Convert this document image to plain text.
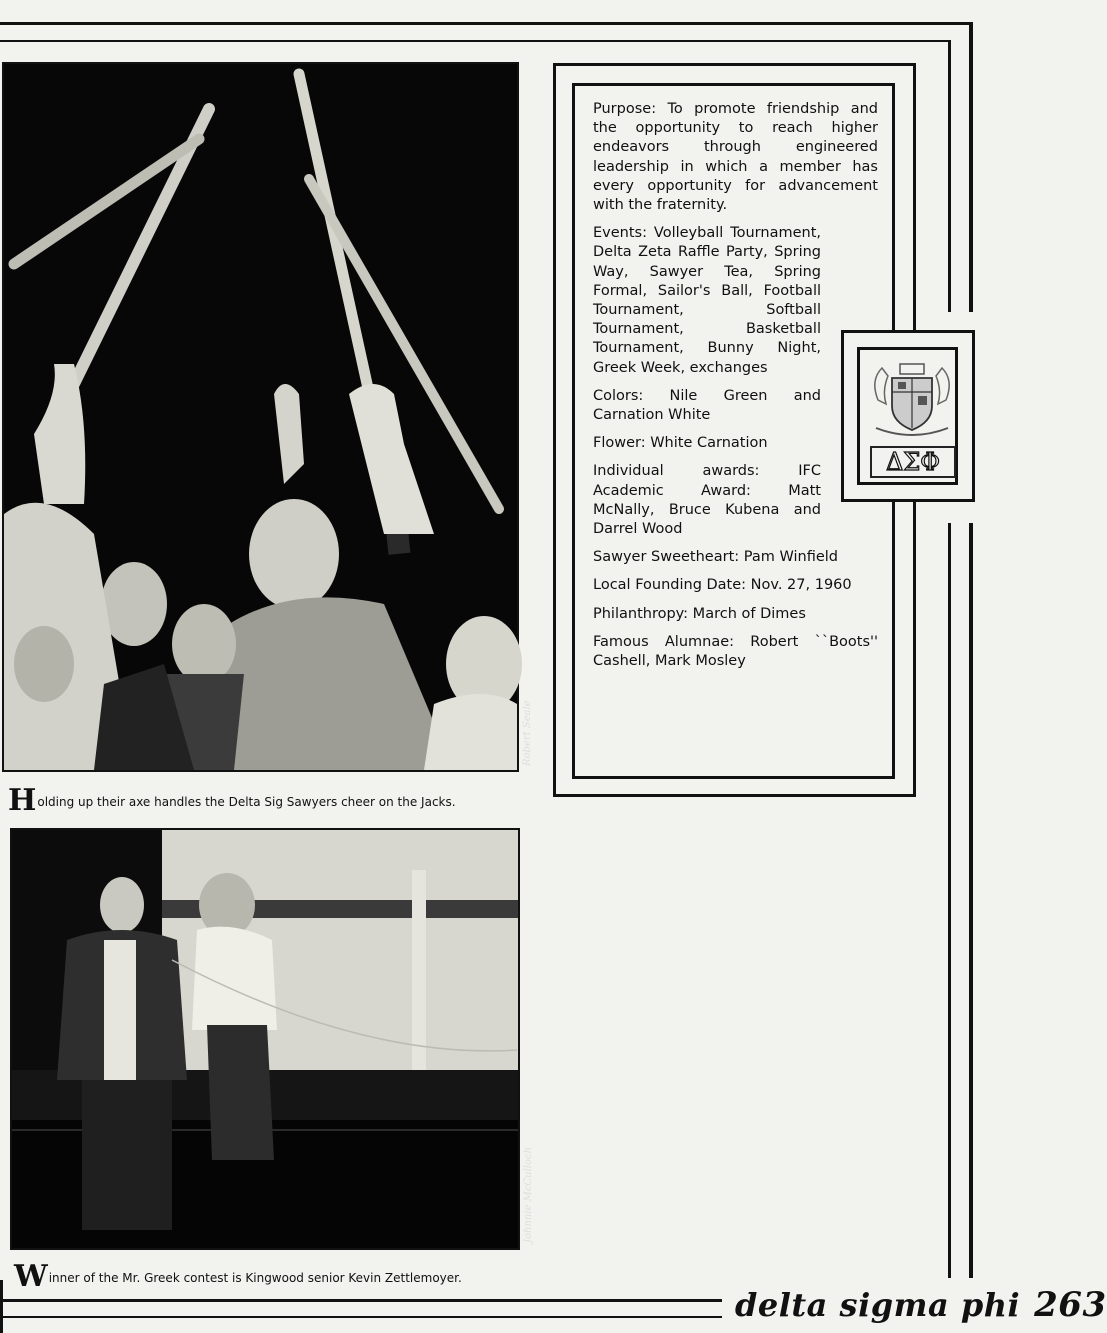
Robert Seale
Holding up their axe handles the Delta Sig Sawyers cheer on the Jacks.
Johnnie McCulloch
Winner of the Mr. Greek contest is Kingwood senior Kevin Zettlemoyer.

Purpose: To promote friendship and the opportunity to reach higher endeavors through engineered leadership in which a member has every opportunity for advancement with the fraternity.

Events: Volleyball Tournament, Delta Zeta Raffle Party, Spring Way, Sawyer Tea, Spring Formal, Sailor's Ball, Football Tournament, Softball Tournament, Basketball Tournament, Bunny Night, Greek Week, exchanges

Colors: Nile Green and Carnation White

Flower: White Carnation

Individual awards: IFC Academic Award: Matt McNally, Bruce Kubena and Darrel Wood

Sawyer Sweetheart: Pam Winfield

Local Founding Date: Nov. 27, 1960

Philanthropy: March of Dimes

Famous Alumnae: Robert ``Boots'' Cashell, Mark Mosley

ΔΣΦ
delta sigma phi 263
